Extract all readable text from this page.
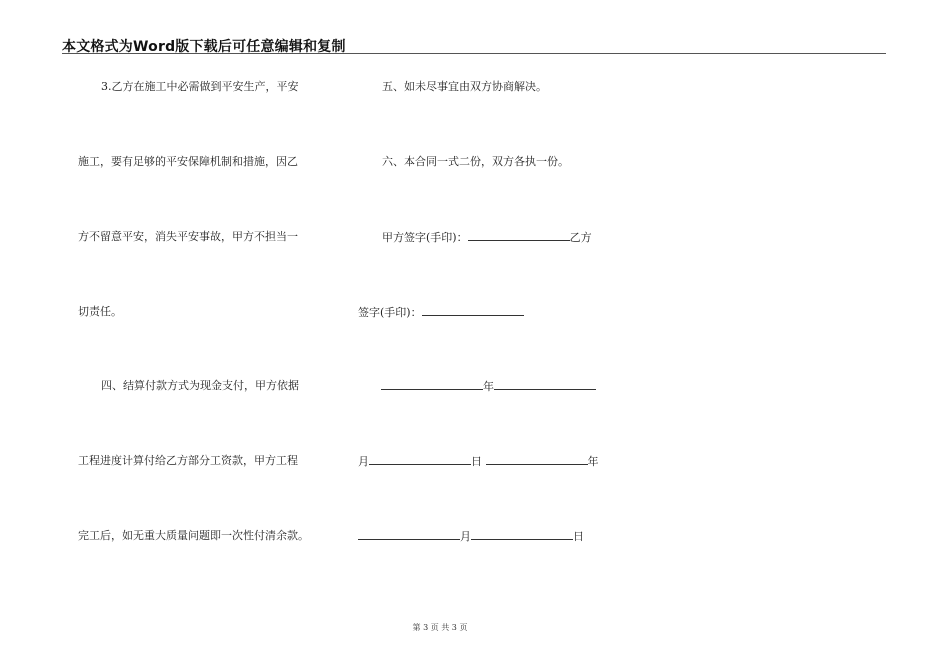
本文格式为Word版下载后可任意编辑和复制
3.乙方在施工中必需做到平安生产，平安
施工，要有足够的平安保障机制和措施，因乙
方不留意平安，消失平安事故，甲方不担当一
切责任。
四、结算付款方式为现金支付，甲方依据
工程进度计算付给乙方部分工资款，甲方工程
完工后，如无重大质量问题即一次性付清余款。
五、如未尽事宜由双方协商解决。
六、本合同一式二份，双方各执一份。
甲方签字(手印)：	乙方
签字(手印)：
年
月	日	年
月	日
第 3 页 共 3 页
